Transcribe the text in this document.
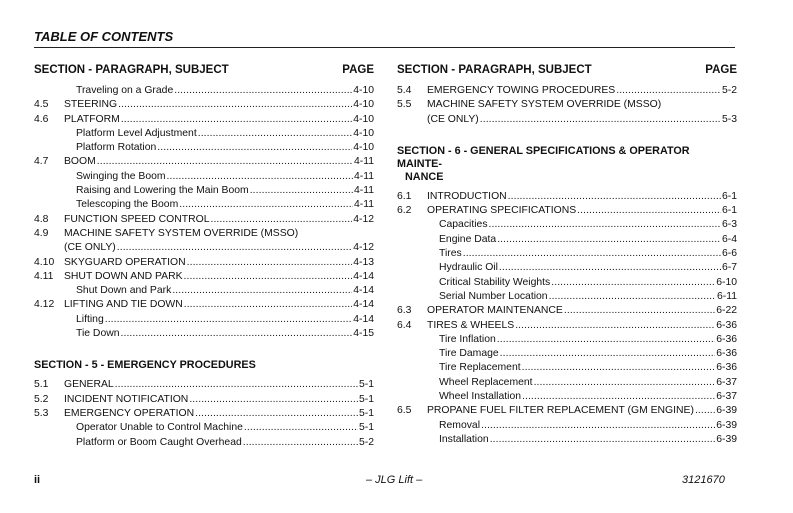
TABLE OF CONTENTS
SECTION - PARAGRAPH, SUBJECT	PAGE
Traveling on a Grade . . .	4-10
4.5	STEERING . . .	4-10
4.6	PLATFORM . . .	4-10
Platform Level Adjustment . . .	4-10
Platform Rotation . . .	4-10
4.7	BOOM . . .	4-11
Swinging the Boom . . .	4-11
Raising and Lowering the Main Boom . . .	4-11
Telescoping the Boom . . .	4-11
4.8	FUNCTION SPEED CONTROL . . .	4-12
4.9	MACHINE SAFETY SYSTEM OVERRIDE (MSSO)
(CE ONLY) . . .	4-12
4.10 SKYGUARD OPERATION . . .	4-13
4.11	SHUT DOWN AND PARK . . .	4-14
Shut Down and Park . . .	4-14
4.12 LIFTING AND TIE DOWN . . .	4-14
Lifting . . .	4-14
Tie Down . . .	4-15
SECTION - 5 - EMERGENCY PROCEDURES
5.1	GENERAL . . .	5-1
5.2	INCIDENT NOTIFICATION . . .	5-1
5.3	EMERGENCY OPERATION . . .	5-1
Operator Unable to Control Machine . . .	5-1
Platform or Boom Caught Overhead . . .	5-2
SECTION - PARAGRAPH, SUBJECT	PAGE
5.4	EMERGENCY TOWING PROCEDURES . . .	5-2
5.5	MACHINE SAFETY SYSTEM OVERRIDE (MSSO)
(CE ONLY) . . .	5-3
SECTION - 6 - GENERAL SPECIFICATIONS & OPERATOR MAINTE-
NANCE
6.1	INTRODUCTION . . .	6-1
6.2	OPERATING SPECIFICATIONS . . .	6-1
Capacities . . .	6-3
Engine Data . . .	6-4
Tires . . .	6-6
Hydraulic Oil . . .	6-7
Critical Stability Weights . . .	6-10
Serial Number Location . . .	6-11
6.3	OPERATOR MAINTENANCE . . .	6-22
6.4	TIRES & WHEELS . . .	6-36
Tire Inflation . . .	6-36
Tire Damage . . .	6-36
Tire Replacement . . .	6-36
Wheel Replacement . . .	6-37
Wheel Installation . . .	6-37
6.5	PROPANE FUEL FILTER REPLACEMENT (GM ENGINE) . . . 6-39
Removal . . .	6-39
Installation . . .	6-39
ii	– JLG Lift –	3121670
